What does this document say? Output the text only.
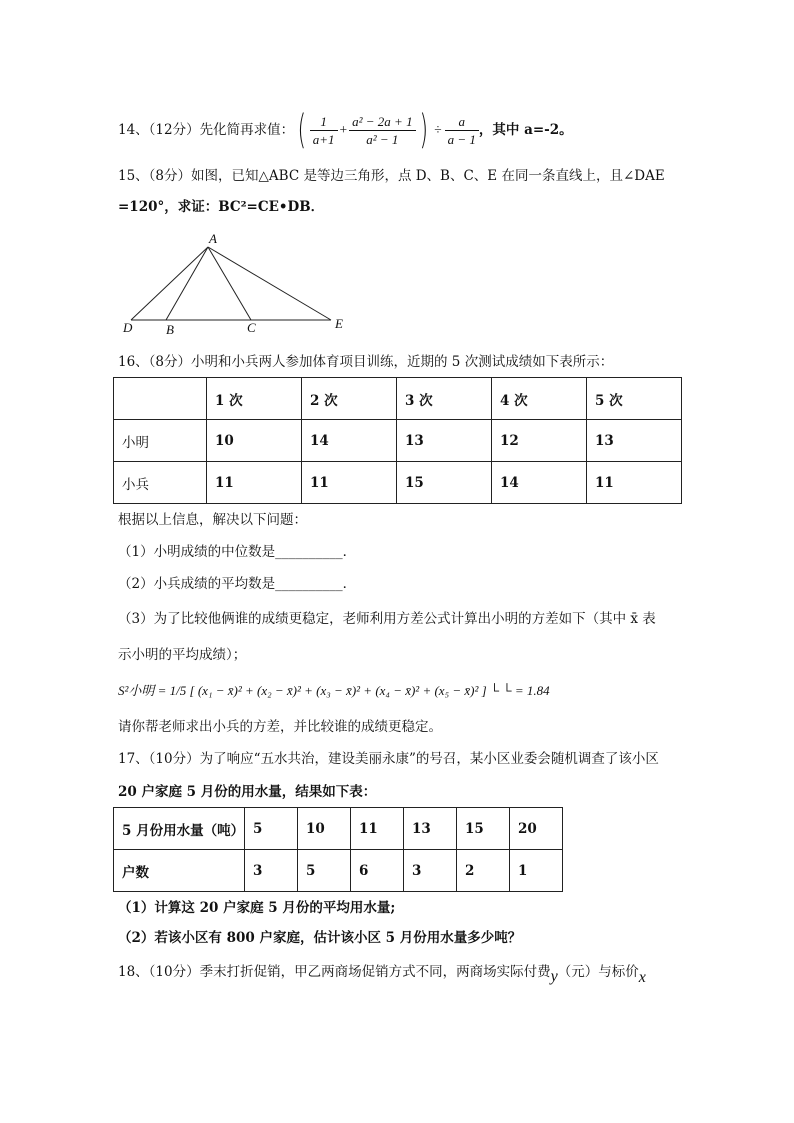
14、（12分）先化简再求值： ( $\frac{1}{a+1} + \frac{\text{a² − 2a + 1}}{\text{a² − 1}}$ ) ÷ $\frac{a}{a - 1}$ ，其中 a=-2。
15、（8分）如图，已知△ABC 是等边三角形，点 D、B、C、E 在同一条直线上，且∠DAE
=120°，求证：BC²=CE•DB．
A
B	C
D	E
16、（8分）小明和小兵两人参加体育项目训练，近期的 5 次测试成绩如下表所示：
	1 次	2 次	3 次	4 次	5 次
小明	10	14	13	12	13
小兵	11	11	15	14	11
根据以上信息，解决以下问题：
（1）小明成绩的中位数是__________．
（2）小兵成绩的平均数是__________．
（3）为了比较他俩谁的成绩更稳定，老师利用方差公式计算出小明的方差如下（其中 x̄ 表
示小明的平均成绩）；
S²小明 = 1/5 [ (x₁ − x̄)² + (x₂ − x̄)² + (x₃ − x̄)² + (x₄ − x̄)² + (x₅ − x̄)² ] └ └ = 1.84
请你帮老师求出小兵的方差，并比较谁的成绩更稳定。
17、（10分）为了响应“五水共治，建设美丽永康”的号召，某小区业委会随机调查了该小区
20 户家庭 5 月份的用水量，结果如下表：
5 月份用水量（吨）	5	10	11	13	15	20
户数	3	5	6	3	2	1
（1）计算这 20 户家庭 5 月份的平均用水量;
（2）若该小区有 800 户家庭，估计该小区 5 月份用水量多少吨？
18、（10分）季末打折促销，甲乙两商场促销方式不同，两商场实际付费y（元）与标价x
